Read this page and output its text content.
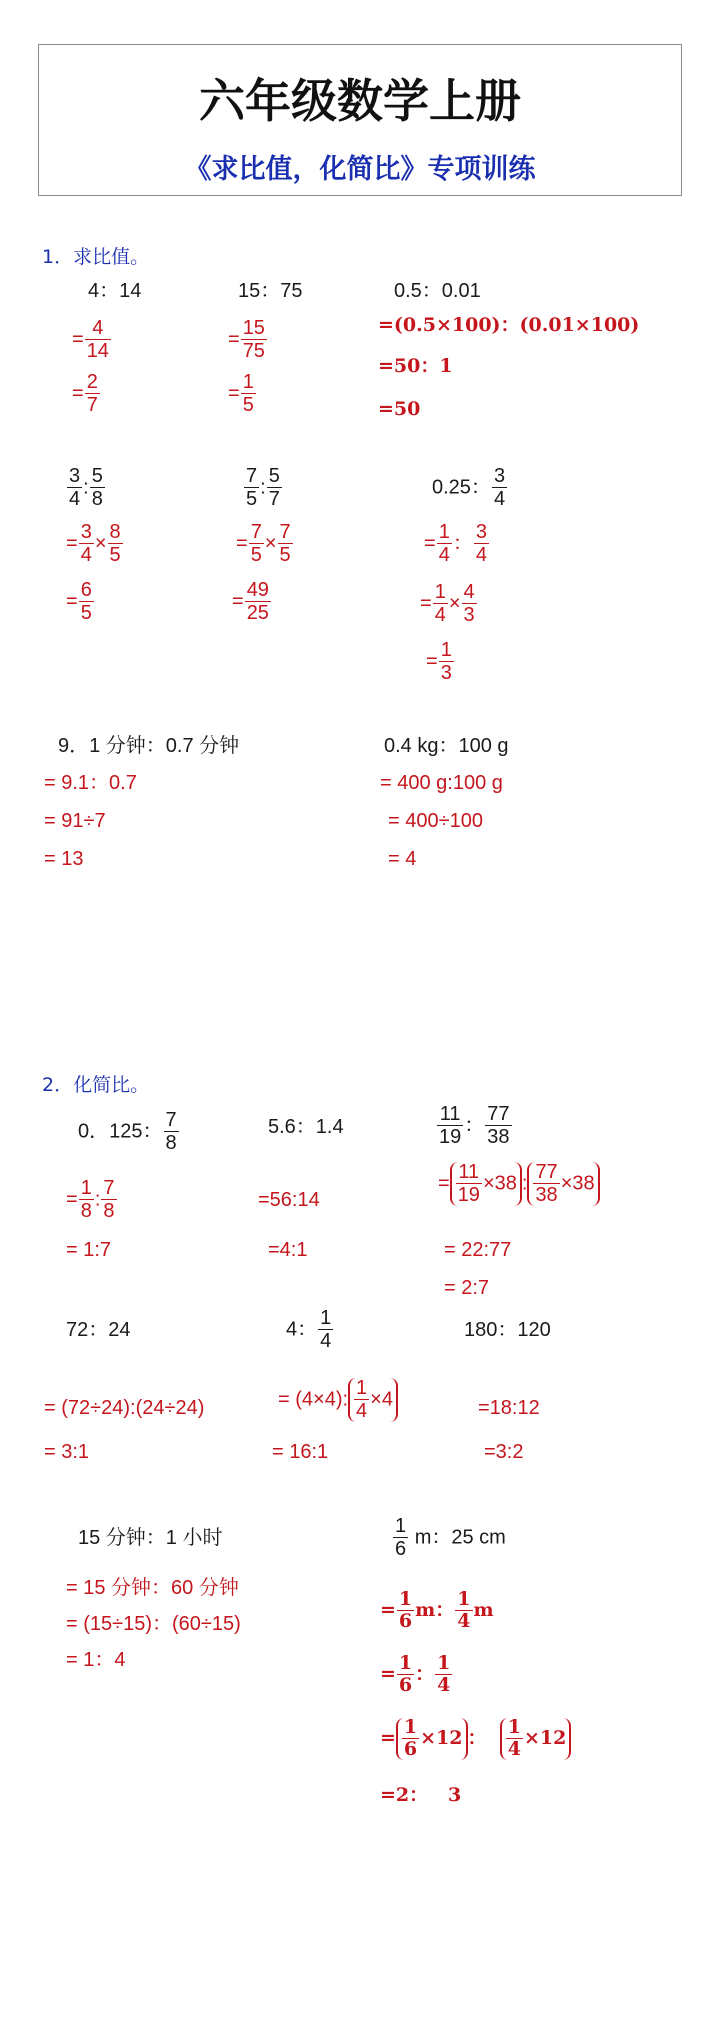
六年级数学上册
《求比值，化简比》专项训练
1．求比值。
4：14
= $\frac{4}{14}$
= $\frac{2}{7}$
15：75
= $\frac{15}{75}$
= $\frac{1}{5}$
0.5：0.01
=(0.5×100)：(0.01×100)
=50：1
=50
$\frac{3}{4}$ : $\frac{5}{8}$
= $\frac{3}{4} \times \frac{8}{5}$
= $\frac{6}{5}$
$\frac{7}{5}$ : $\frac{5}{7}$
= $\frac{7}{5} \times \frac{7}{5}$
= $\frac{49}{25}$
0.25： $\frac{3}{4}$
= $\frac{1}{4}$ ： $\frac{3}{4}$
= $\frac{1}{4} \times \frac{4}{3}$
= $\frac{1}{3}$
9．1 分钟：0.7 分钟
= 9.1：0.7
= 91÷7
= 13
0.4 kg：100 g
= 400 g:100 g
= 400÷100
= 4
2．化简比。
0．125： $\frac{7}{8}$
= $\frac{1}{8}$ : $\frac{7}{8}$
= 1:7
5.6：1.4
=56:14
=4:1
$\frac{11}{19}$ ： $\frac{77}{38}$
= $\frac{11}{19} \times 38$ : $\frac{77}{38} \times 38$
= 22:77
= 2:7
72：24
= (72÷24):(24÷24)
= 3:1
4： $\frac{1}{4}$
= (4×4): $\frac{1}{4} \times 4$
= 16:1
180：120
=18:12
=3:2
15 分钟：1 小时
= 15 分钟：60 分钟
= (15÷15)：(60÷15)
= 1：4
$\frac{1}{6}$ m：25 cm
= $\frac{1}{6}$ m： $\frac{1}{4}$ m
= $\frac{1}{6}$ ： $\frac{1}{4}$
= $\frac{1}{6} \times 12$ ： $\frac{1}{4} \times 12$
=2：   3
